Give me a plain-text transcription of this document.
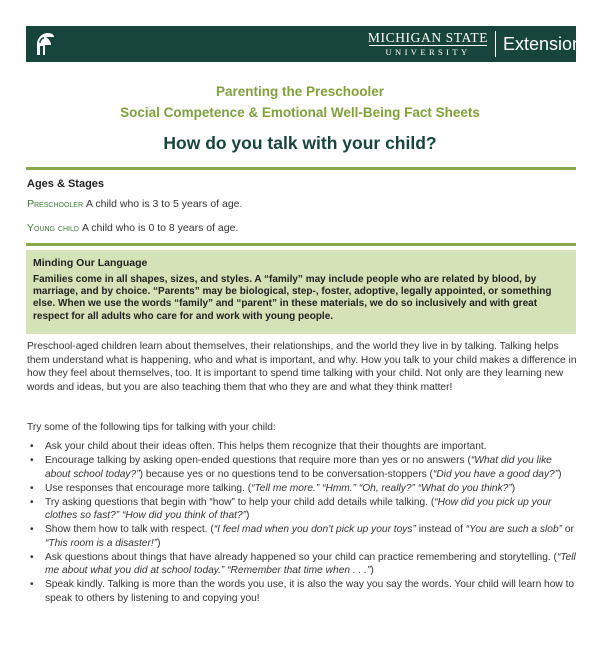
MICHIGAN STATE
UNIVERSITY	Extension
Parenting the Preschooler
Social Competence & Emotional Well-Being Fact Sheets
How do you talk with your child?
Ages & Stages
Preschooler A child who is 3 to 5 years of age.
Young child A child who is 0 to 8 years of age.
Minding Our Language
Families come in all shapes, sizes, and styles. A “family” may include people who are related by blood, by marriage, and by choice. “Parents” may be biological, step-, foster, adoptive, legally appointed, or something else. When we use the words “family” and “parent” in these materials, we do so inclusively and with great respect for all adults who care for and work with young people.
Preschool-aged children learn about themselves, their relationships, and the world they live in by talking. Talking helps them understand what is happening, who and what is important, and why. How you talk to your child makes a difference in how they feel about themselves, too. It is important to spend time talking with your child. Not only are they learning new words and ideas, but you are also teaching them that who they are and what they think matter!
Try some of the following tips for talking with your child:
• Ask your child about their ideas often. This helps them recognize that their thoughts are important.
• Encourage talking by asking open-ended questions that require more than yes or no answers (“What did you like about school today?”) because yes or no questions tend to be conversation-stoppers (“Did you have a good day?”)
• Use responses that encourage more talking. (“Tell me more.” “Hmm.” “Oh, really?” “What do you think?”)
• Try asking questions that begin with “how” to help your child add details while talking. (“How did you pick up your clothes so fast?” “How did you think of that?”)
• Show them how to talk with respect. (“I feel mad when you don’t pick up your toys” instead of “You are such a slob” or “This room is a disaster!”)
• Ask questions about things that have already happened so your child can practice remembering and storytelling. (“Tell me about what you did at school today.” “Remember that time when . . .”)
• Speak kindly. Talking is more than the words you use, it is also the way you say the words. Your child will learn how to speak to others by listening to and copying you!
